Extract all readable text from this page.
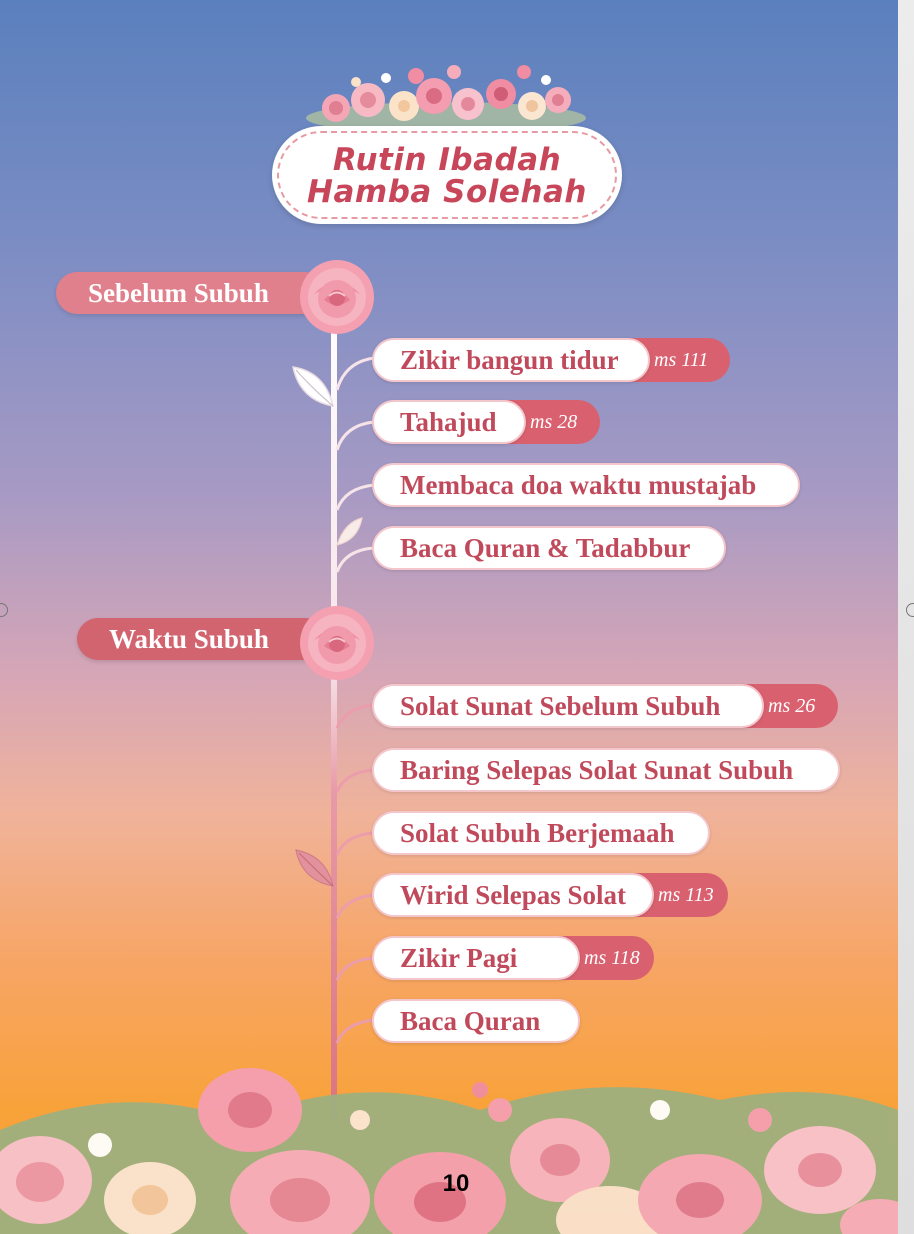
Rutin Ibadah
Hamba Solehah
Sebelum Subuh
Zikir bangun tidur	ms 111
Tahajud	ms 28
Membaca doa waktu mustajab
Baca Quran & Tadabbur
Waktu Subuh
Solat Sunat Sebelum Subuh	ms 26
Baring Selepas Solat Sunat Subuh
Solat Subuh Berjemaah
Wirid Selepas Solat	ms 113
Zikir Pagi	ms 118
Baca Quran
10
